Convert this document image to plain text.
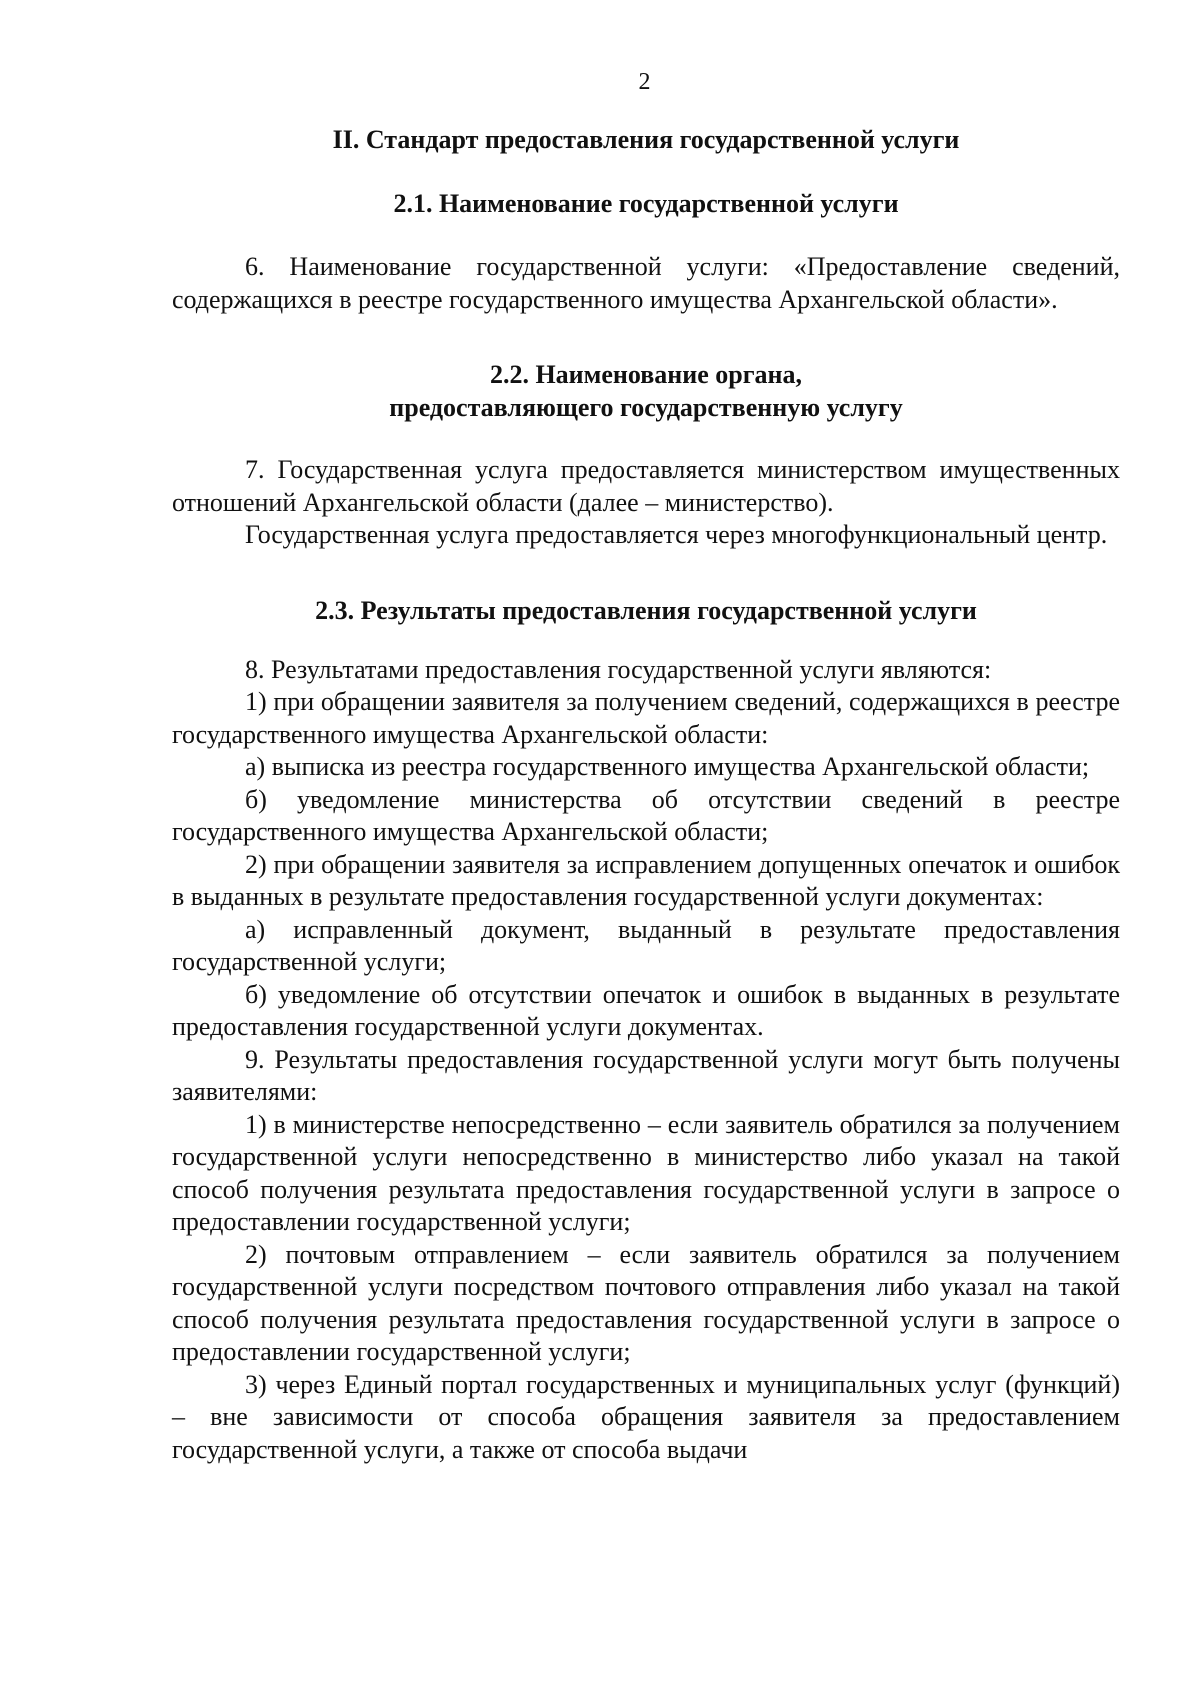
2
II. Стандарт предоставления государственной услуги
2.1. Наименование государственной услуги

6. Наименование государственной услуги: «Предоставление сведений, содержащихся в реестре государственного имущества Архангельской области».

2.2. Наименование органа,
предоставляющего государственную услугу

7. Государственная услуга предоставляется министерством имущественных отношений Архангельской области (далее – министерство).

Государственная услуга предоставляется через многофункциональный центр.

2.3. Результаты предоставления государственной услуги

8. Результатами предоставления государственной услуги являются:

1) при обращении заявителя за получением сведений, содержащихся в реестре государственного имущества Архангельской области:

а) выписка из реестра государственного имущества Архангельской области;

б) уведомление министерства об отсутствии сведений в реестре государственного имущества Архангельской области;

2) при обращении заявителя за исправлением допущенных опечаток и ошибок в выданных в результате предоставления государственной услуги документах:

а) исправленный документ, выданный в результате предоставления государственной услуги;

б) уведомление об отсутствии опечаток и ошибок в выданных в результате предоставления государственной услуги документах.

9. Результаты предоставления государственной услуги могут быть получены заявителями:

1) в министерстве непосредственно – если заявитель обратился за получением государственной услуги непосредственно в министерство либо указал на такой способ получения результата предоставления государственной услуги в запросе о предоставлении государственной услуги;

2) почтовым отправлением – если заявитель обратился за получением государственной услуги посредством почтового отправления либо указал на такой способ получения результата предоставления государственной услуги в запросе о предоставлении государственной услуги;

3) через Единый портал государственных и муниципальных услуг (функций) – вне зависимости от способа обращения заявителя за предоставлением государственной услуги, а также от способа выдачи
